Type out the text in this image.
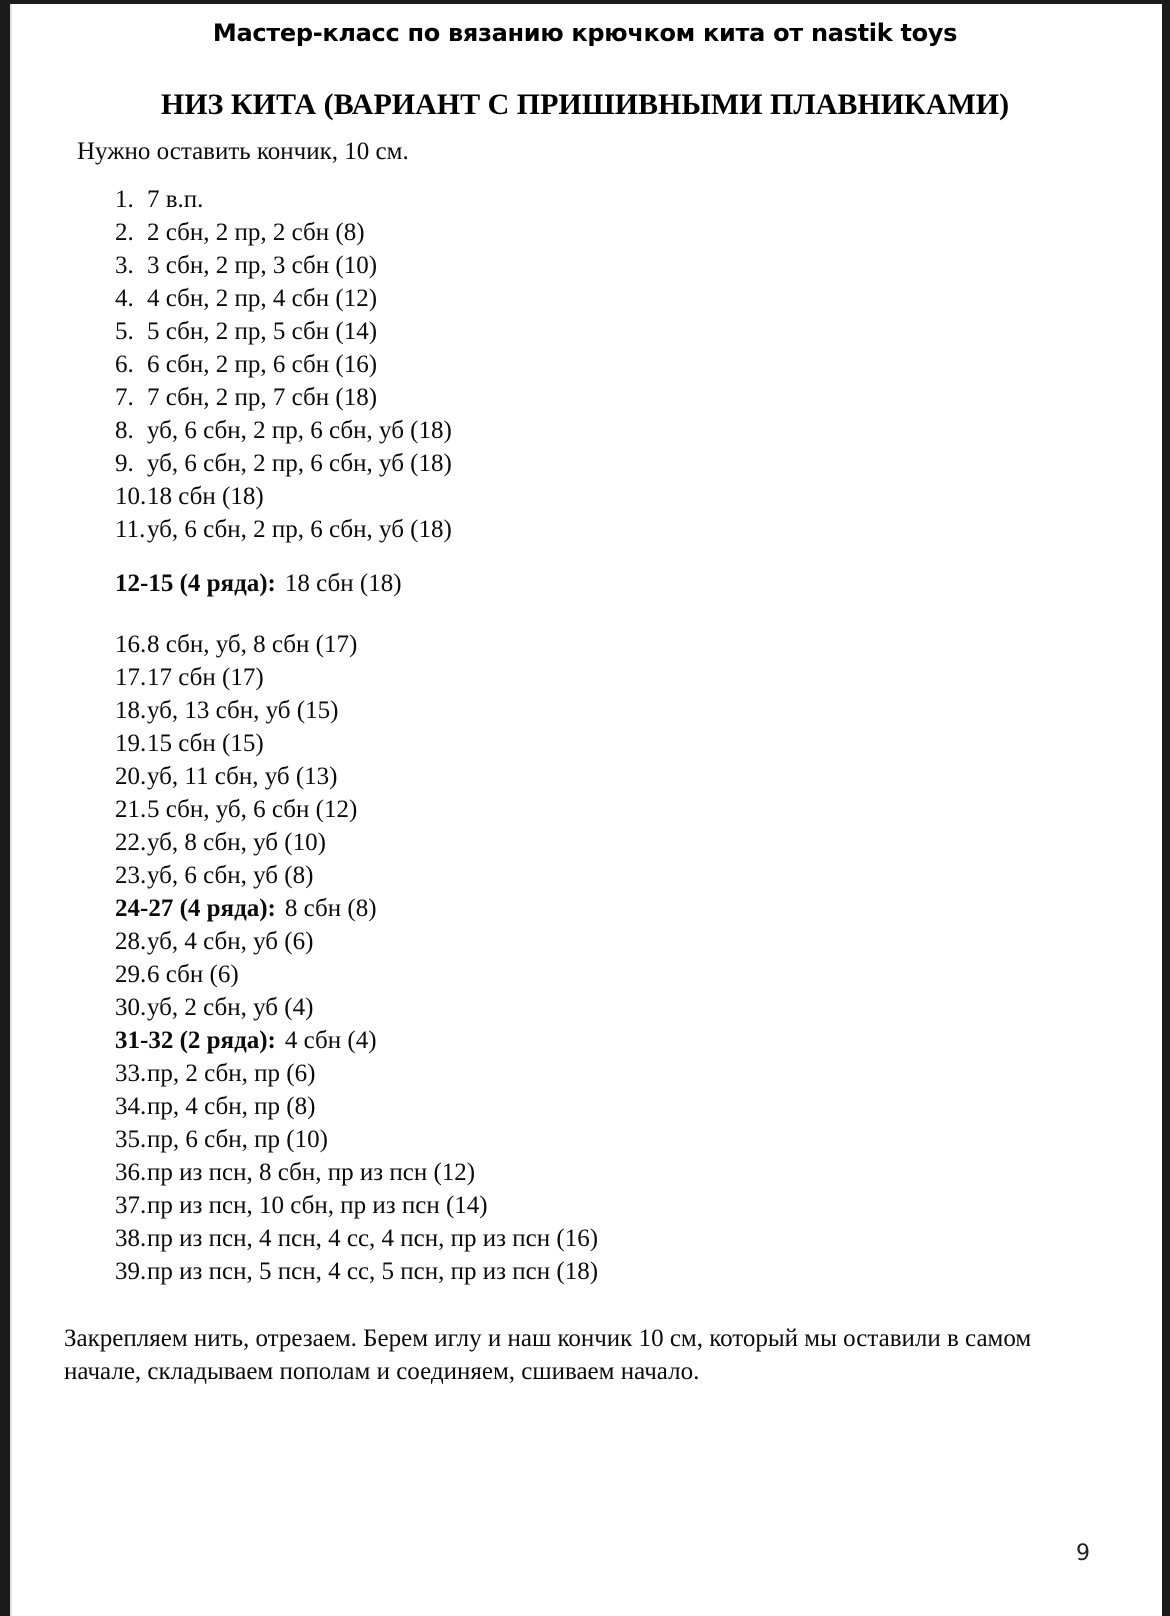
Мастер-класс по вязанию крючком кита от nastik toys
НИЗ КИТА (ВАРИАНТ С ПРИШИВНЫМИ ПЛАВНИКАМИ)
Нужно оставить кончик, 10 см.
1. 7 в.п.
2. 2 сбн, 2 пр, 2 сбн (8)
3. 3 сбн, 2 пр, 3 сбн (10)
4. 4 сбн, 2 пр, 4 сбн (12)
5. 5 сбн, 2 пр, 5 сбн (14)
6. 6 сбн, 2 пр, 6 сбн (16)
7. 7 сбн, 2 пр, 7 сбн (18)
8. уб, 6 сбн, 2 пр, 6 сбн, уб (18)
9. уб, 6 сбн, 2 пр, 6 сбн, уб (18)
10. 18 сбн (18)
11. уб, 6 сбн, 2 пр, 6 сбн, уб (18)
12-15 (4 ряда): 18 сбн (18)
16. 8 сбн, уб, 8 сбн (17)
17. 17 сбн (17)
18. уб, 13 сбн, уб (15)
19. 15 сбн (15)
20. уб, 11 сбн, уб (13)
21. 5 сбн, уб, 6 сбн (12)
22. уб, 8 сбн, уб (10)
23. уб, 6 сбн, уб (8)
24-27 (4 ряда): 8 сбн (8)
28. уб, 4 сбн, уб (6)
29. 6 сбн (6)
30. уб, 2 сбн, уб (4)
31-32 (2 ряда): 4 сбн (4)
33. пр, 2 сбн, пр (6)
34. пр, 4 сбн, пр (8)
35. пр, 6 сбн, пр (10)
36. пр из псн, 8 сбн, пр из псн (12)
37. пр из псн, 10 сбн, пр из псн (14)
38. пр из псн, 4 псн, 4 сс, 4 псн, пр из псн (16)
39. пр из псн, 5 псн, 4 сс, 5 псн, пр из псн (18)
Закрепляем нить, отрезаем. Берем иглу и наш кончик 10 см, который мы оставили в самом
начале, складываем пополам и соединяем, сшиваем начало.
9
